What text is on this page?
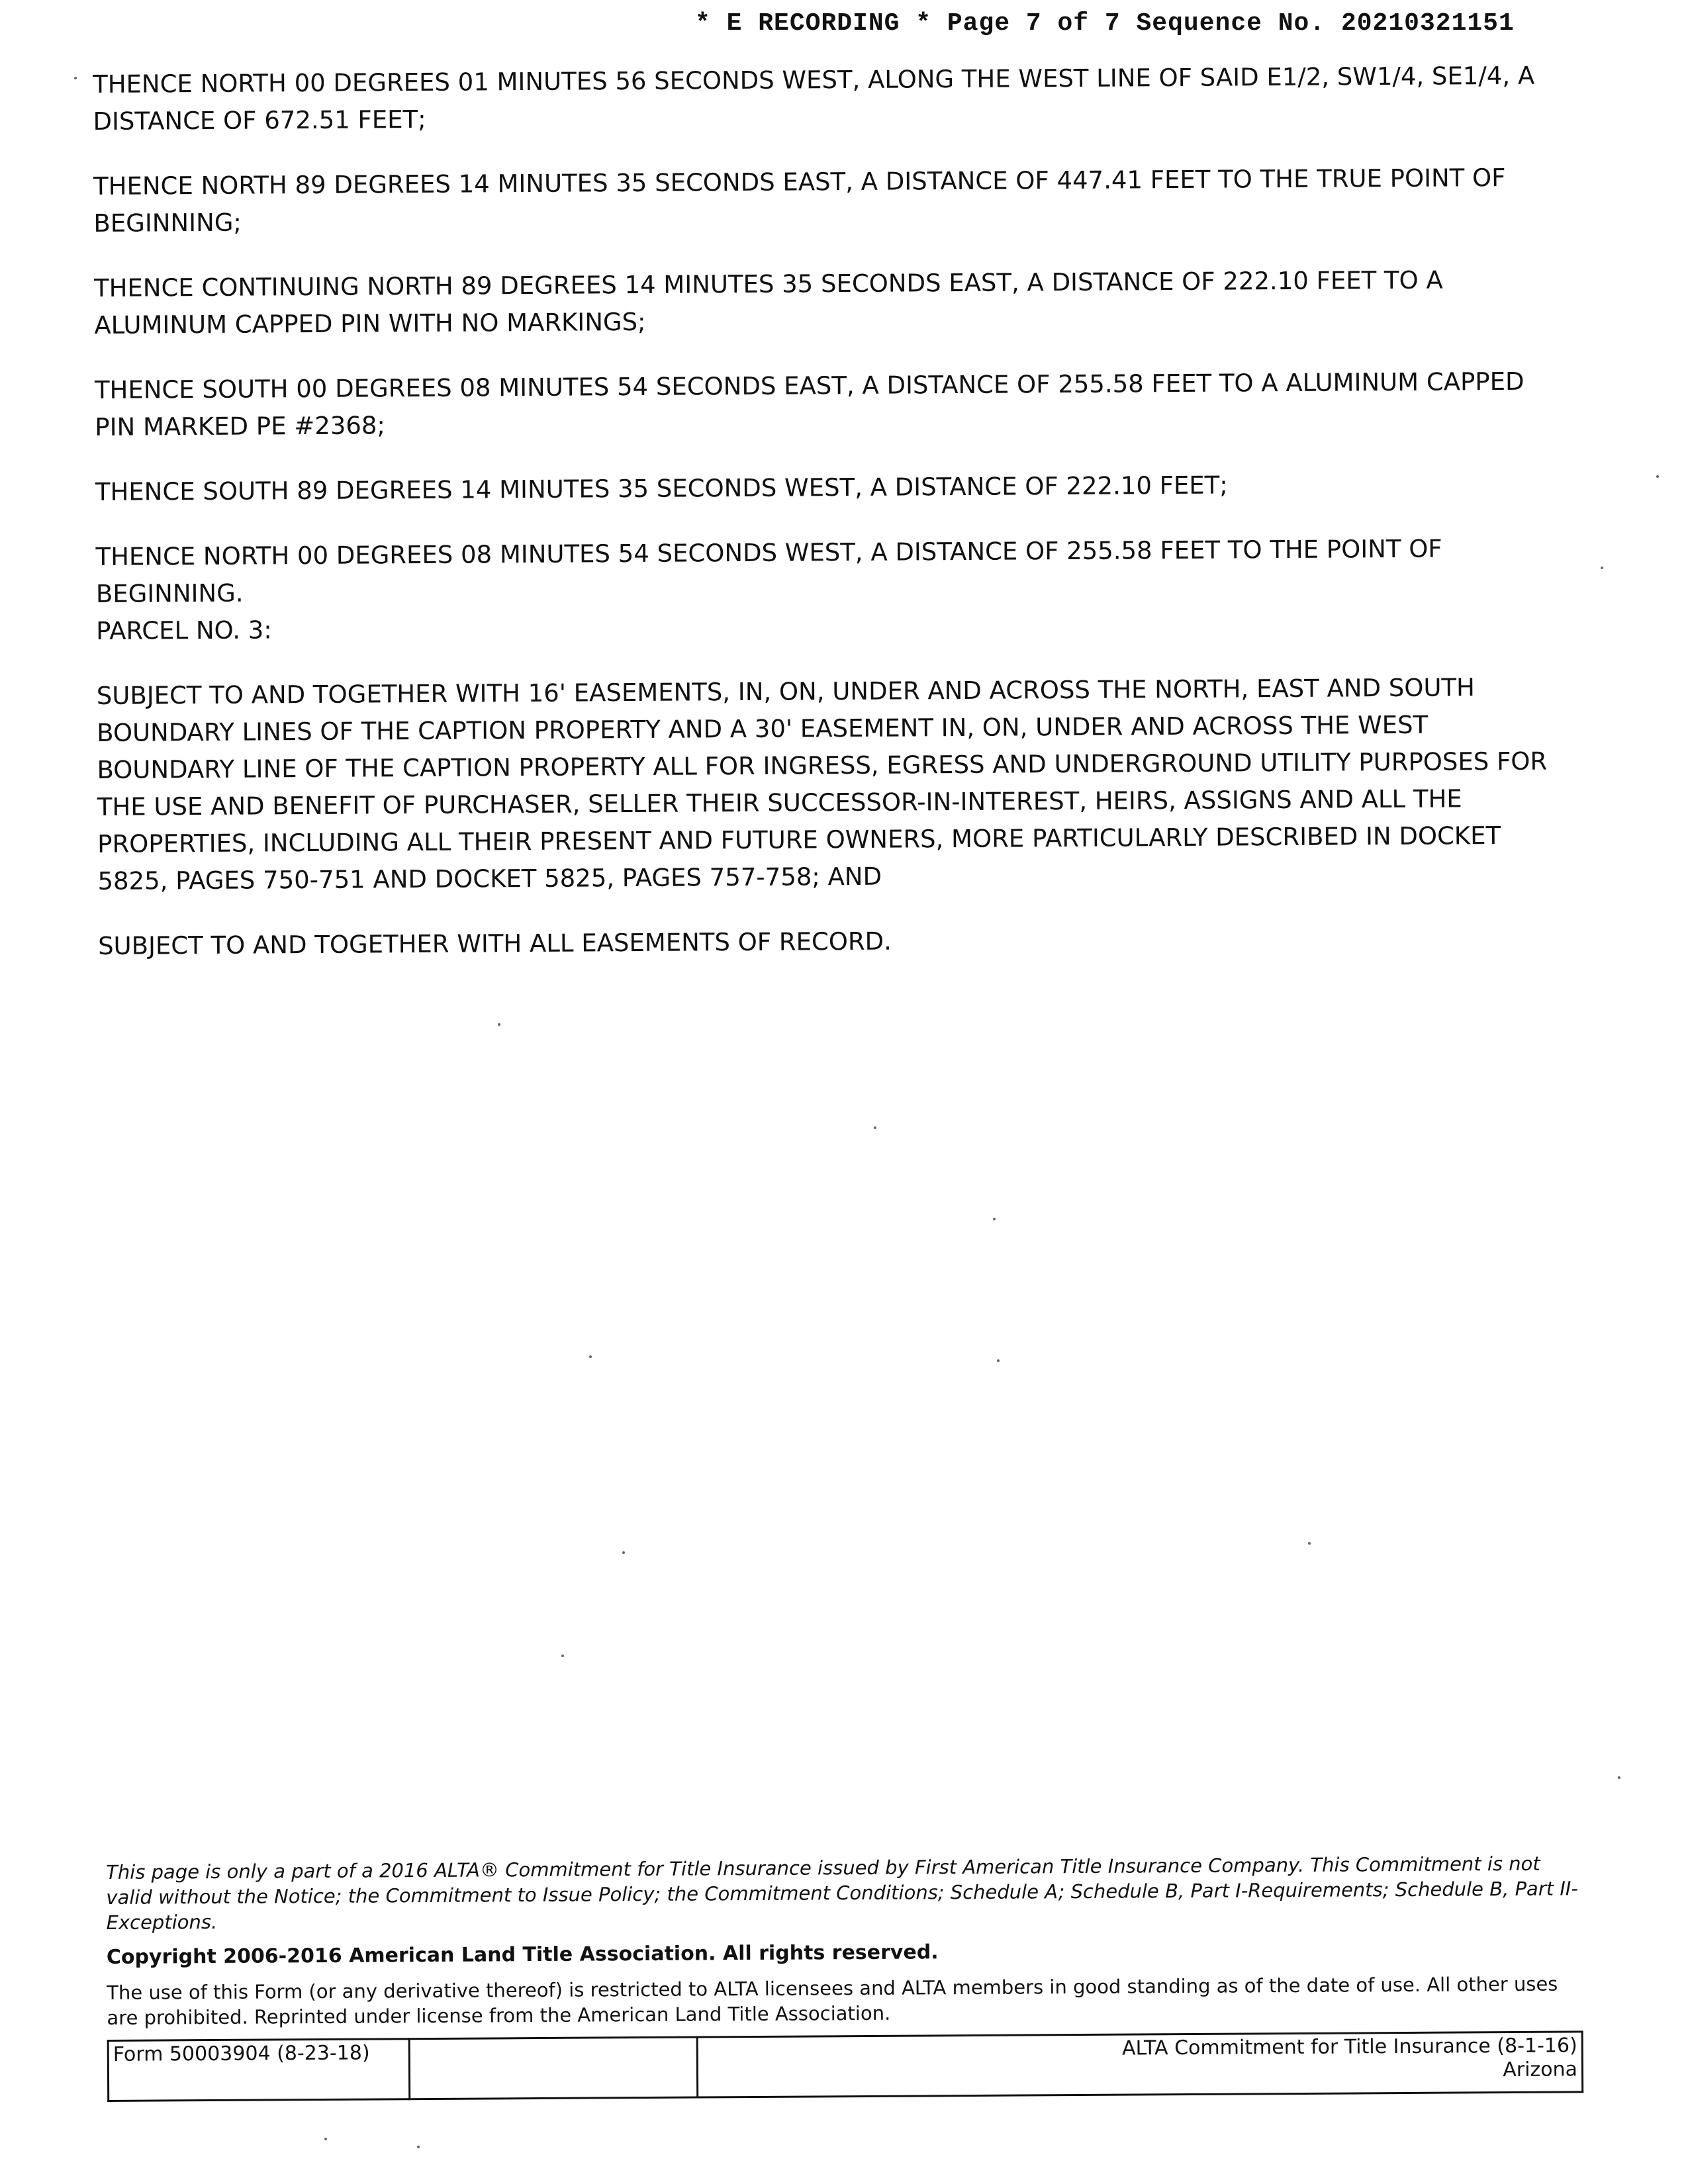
* E RECORDING * Page 7 of 7 Sequence No. 20210321151

THENCE NORTH 00 DEGREES 01 MINUTES 56 SECONDS WEST, ALONG THE WEST LINE OF SAID E1/2, SW1/4, SE1/4, A DISTANCE OF 672.51 FEET;

THENCE NORTH 89 DEGREES 14 MINUTES 35 SECONDS EAST, A DISTANCE OF 447.41 FEET TO THE TRUE POINT OF BEGINNING;

THENCE CONTINUING NORTH 89 DEGREES 14 MINUTES 35 SECONDS EAST, A DISTANCE OF 222.10 FEET TO A ALUMINUM CAPPED PIN WITH NO MARKINGS;

THENCE SOUTH 00 DEGREES 08 MINUTES 54 SECONDS EAST, A DISTANCE OF 255.58 FEET TO A ALUMINUM CAPPED PIN MARKED PE #2368;

THENCE SOUTH 89 DEGREES 14 MINUTES 35 SECONDS WEST, A DISTANCE OF 222.10 FEET;

THENCE NORTH 00 DEGREES 08 MINUTES 54 SECONDS WEST, A DISTANCE OF 255.58 FEET TO THE POINT OF BEGINNING.

PARCEL NO. 3:

SUBJECT TO AND TOGETHER WITH 16' EASEMENTS, IN, ON, UNDER AND ACROSS THE NORTH, EAST AND SOUTH BOUNDARY LINES OF THE CAPTION PROPERTY AND A 30' EASEMENT IN, ON, UNDER AND ACROSS THE WEST BOUNDARY LINE OF THE CAPTION PROPERTY ALL FOR INGRESS, EGRESS AND UNDERGROUND UTILITY PURPOSES FOR THE USE AND BENEFIT OF PURCHASER, SELLER THEIR SUCCESSOR-IN-INTEREST, HEIRS, ASSIGNS AND ALL THE PROPERTIES, INCLUDING ALL THEIR PRESENT AND FUTURE OWNERS, MORE PARTICULARLY DESCRIBED IN DOCKET 5825, PAGES 750-751 AND DOCKET 5825, PAGES 757-758; AND

SUBJECT TO AND TOGETHER WITH ALL EASEMENTS OF RECORD.

This page is only a part of a 2016 ALTA® Commitment for Title Insurance issued by First American Title Insurance Company. This Commitment is not valid without the Notice; the Commitment to Issue Policy; the Commitment Conditions; Schedule A; Schedule B, Part I-Requirements; Schedule B, Part II-Exceptions.

Copyright 2006-2016 American Land Title Association. All rights reserved.

The use of this Form (or any derivative thereof) is restricted to ALTA licensees and ALTA members in good standing as of the date of use. All other uses are prohibited. Reprinted under license from the American Land Title Association.

Form 50003904 (8-23-18)		ALTA Commitment for Title Insurance (8-1-16)
Arizona
